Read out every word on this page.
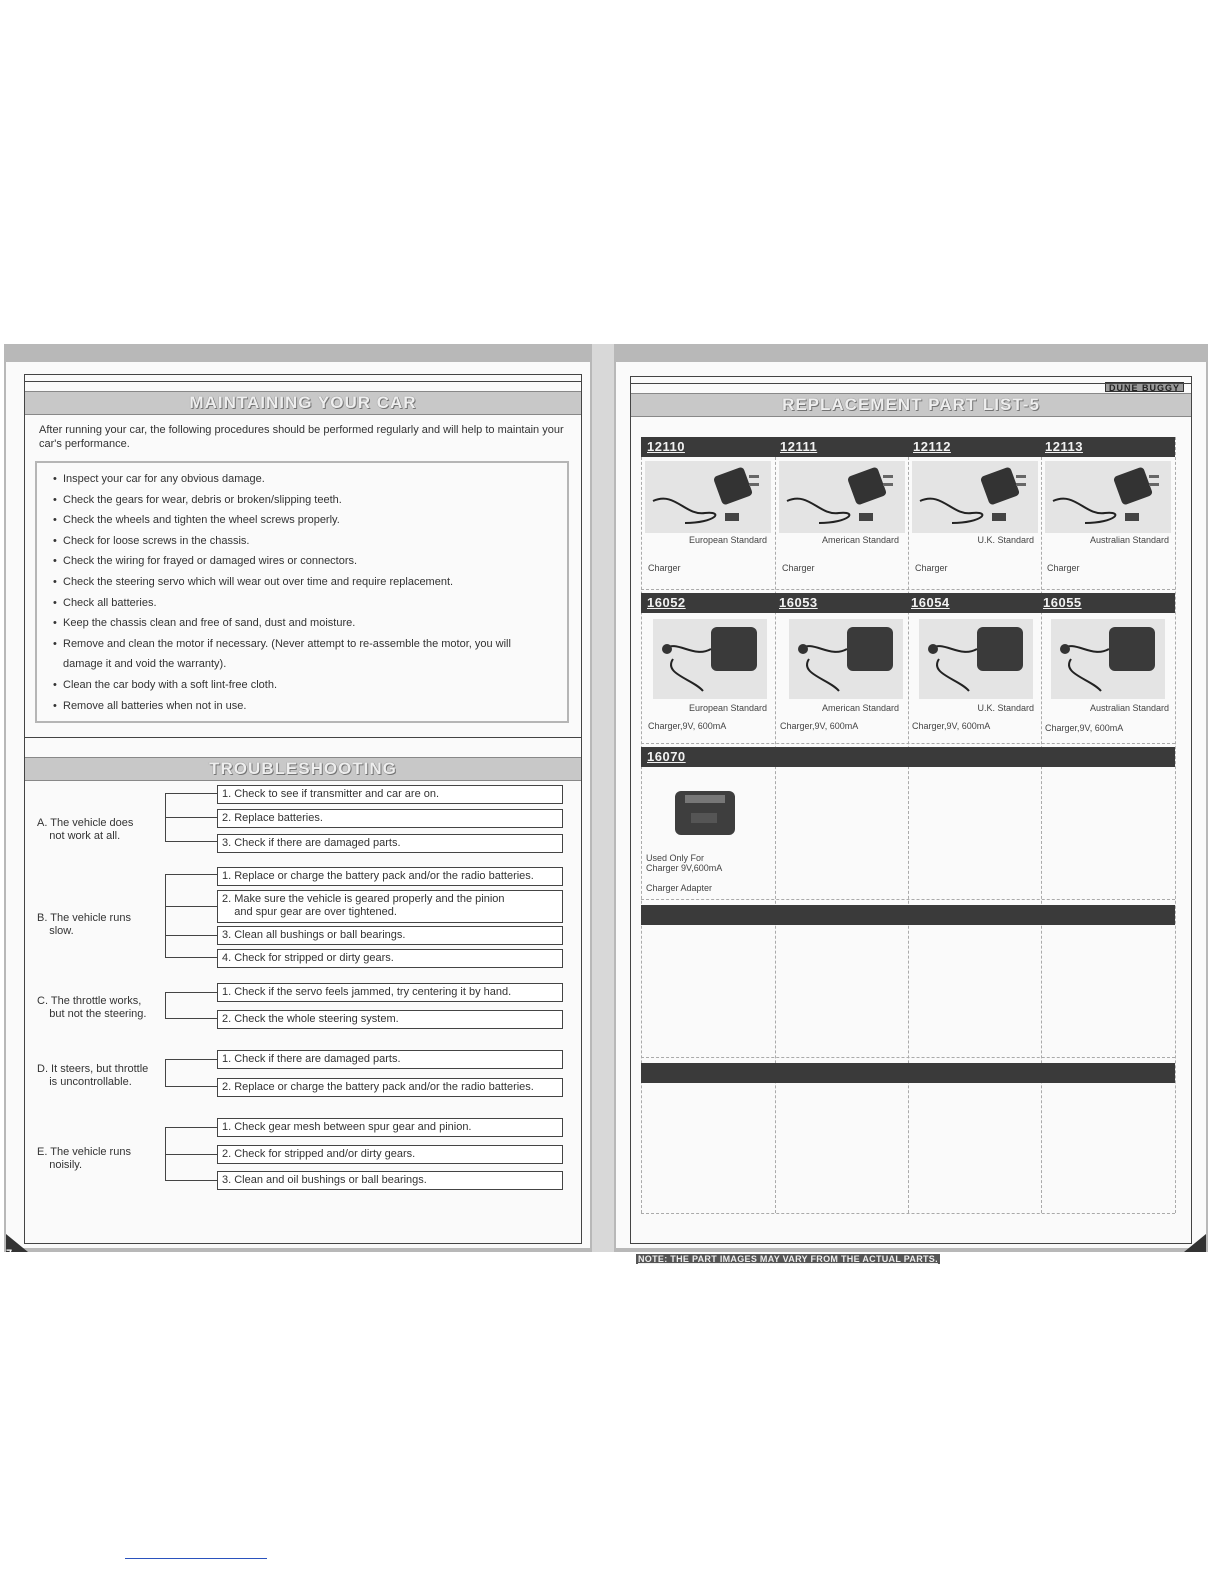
MAINTAINING YOUR CAR
After running your car, the following procedures should be performed regularly and will help to maintain your car's performance.
• Inspect your car for any obvious damage.
• Check the gears for wear, debris or broken/slipping teeth.
• Check the wheels and tighten the wheel screws properly.
• Check for loose screws in the chassis.
• Check the wiring for frayed or damaged wires or connectors.
• Check the steering servo which will wear out over time and require replacement.
• Check all batteries.
• Keep the chassis clean and free of sand, dust and moisture.
• Remove and clean the motor if necessary. (Never attempt to re-assemble the motor, you will damage it and void the warranty).
• Clean the car body with a soft lint-free cloth.
• Remove all batteries when not in use.
TROUBLESHOOTING
A. The vehicle does
not work at all.
1. Check to see if transmitter and car are on.
2. Replace batteries.
3. Check if there are damaged parts.
B. The vehicle runs
slow.
1. Replace or charge the battery pack and/or the radio batteries.
2. Make sure the vehicle is geared properly and the pinion
and spur gear are over tightened.
3. Clean all bushings or ball bearings.
4. Check for stripped or dirty gears.
C. The throttle works,
but not the steering.
1. Check if the servo feels jammed, try centering it by hand.
2. Check the whole steering system.
D. It steers, but throttle
is uncontrollable.
1. Check if there are damaged parts.
2. Replace or charge the battery pack and/or the radio batteries.
E. The vehicle runs
noisily.
1. Check gear mesh between spur gear and pinion.
2. Check for stripped and/or dirty gears.
3. Clean and oil bushings or ball bearings.
7
DUNE BUGGY
REPLACEMENT PART LIST-5
12110	12111	12112	12113
European Standard	American Standard	U.K. Standard	Australian Standard
Charger	Charger	Charger	Charger
16052	16053	16054	16055
European Standard	American Standard	U.K. Standard	Australian Standard
Charger,9V, 600mA	Charger,9V, 600mA	Charger,9V, 600mA	Charger,9V, 600mA
16070
Used Only For
Charger 9V,600mA
Charger Adapter
NOTE: THE PART IMAGES MAY VARY FROM THE ACTUAL PARTS.	12
